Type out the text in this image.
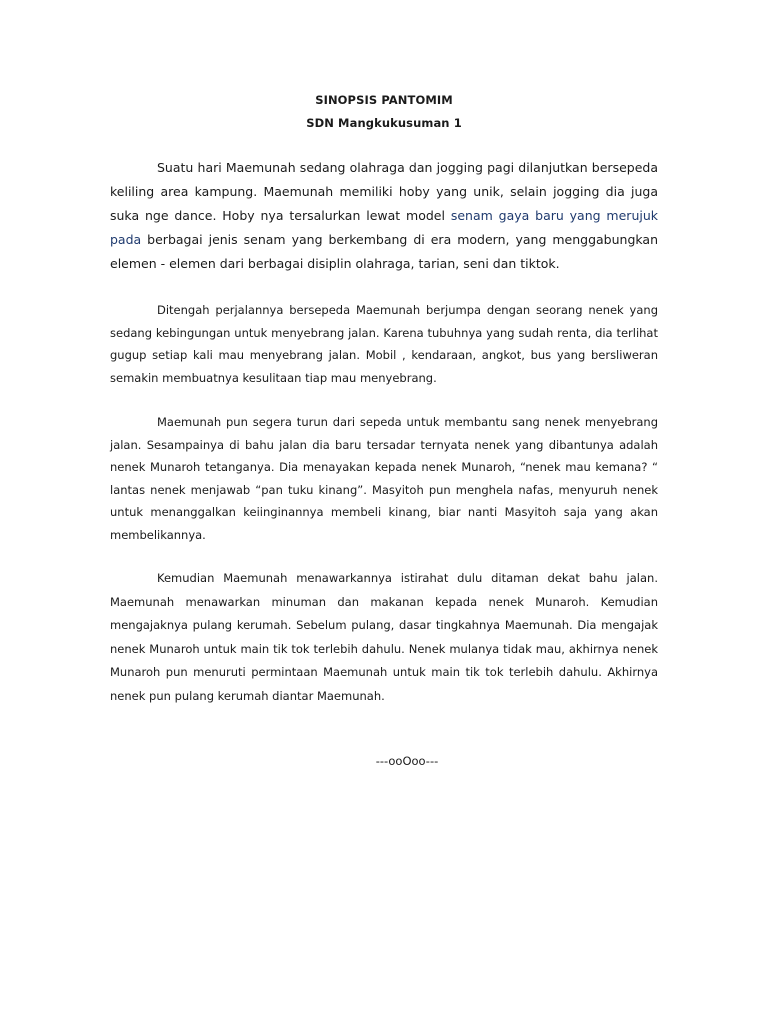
SINOPSIS PANTOMIM
SDN Mangkukusuman 1

Suatu hari Maemunah sedang olahraga dan jogging pagi dilanjutkan bersepeda keliling area kampung. Maemunah memiliki hoby yang unik, selain jogging dia juga suka nge dance. Hoby nya tersalurkan lewat model senam gaya baru yang merujuk pada berbagai jenis senam yang berkembang di era modern, yang menggabungkan elemen - elemen dari berbagai disiplin olahraga, tarian, seni dan tiktok.

Ditengah perjalannya bersepeda Maemunah berjumpa dengan seorang nenek yang sedang kebingungan untuk menyebrang jalan. Karena tubuhnya yang sudah renta, dia terlihat gugup setiap kali mau menyebrang jalan. Mobil , kendaraan, angkot, bus yang bersliweran semakin membuatnya kesulitaan tiap mau menyebrang.

Maemunah pun segera turun dari sepeda untuk membantu sang nenek menyebrang jalan. Sesampainya di bahu jalan dia baru tersadar ternyata nenek yang dibantunya adalah nenek Munaroh tetanganya. Dia menayakan kepada nenek Munaroh, “nenek mau kemana? “ lantas nenek menjawab “pan tuku kinang”. Masyitoh pun menghela nafas, menyuruh nenek untuk menanggalkan keiinginannya membeli kinang, biar nanti Masyitoh saja yang akan membelikannya.

Kemudian Maemunah menawarkannya istirahat dulu ditaman dekat bahu jalan. Maemunah menawarkan minuman dan makanan kepada nenek Munaroh. Kemudian mengajaknya pulang kerumah. Sebelum pulang, dasar tingkahnya Maemunah. Dia mengajak nenek Munaroh untuk main tik tok terlebih dahulu. Nenek mulanya tidak mau, akhirnya nenek Munaroh pun menuruti permintaan Maemunah untuk main tik tok terlebih dahulu. Akhirnya nenek pun pulang kerumah diantar Maemunah.

---ooOoo---
